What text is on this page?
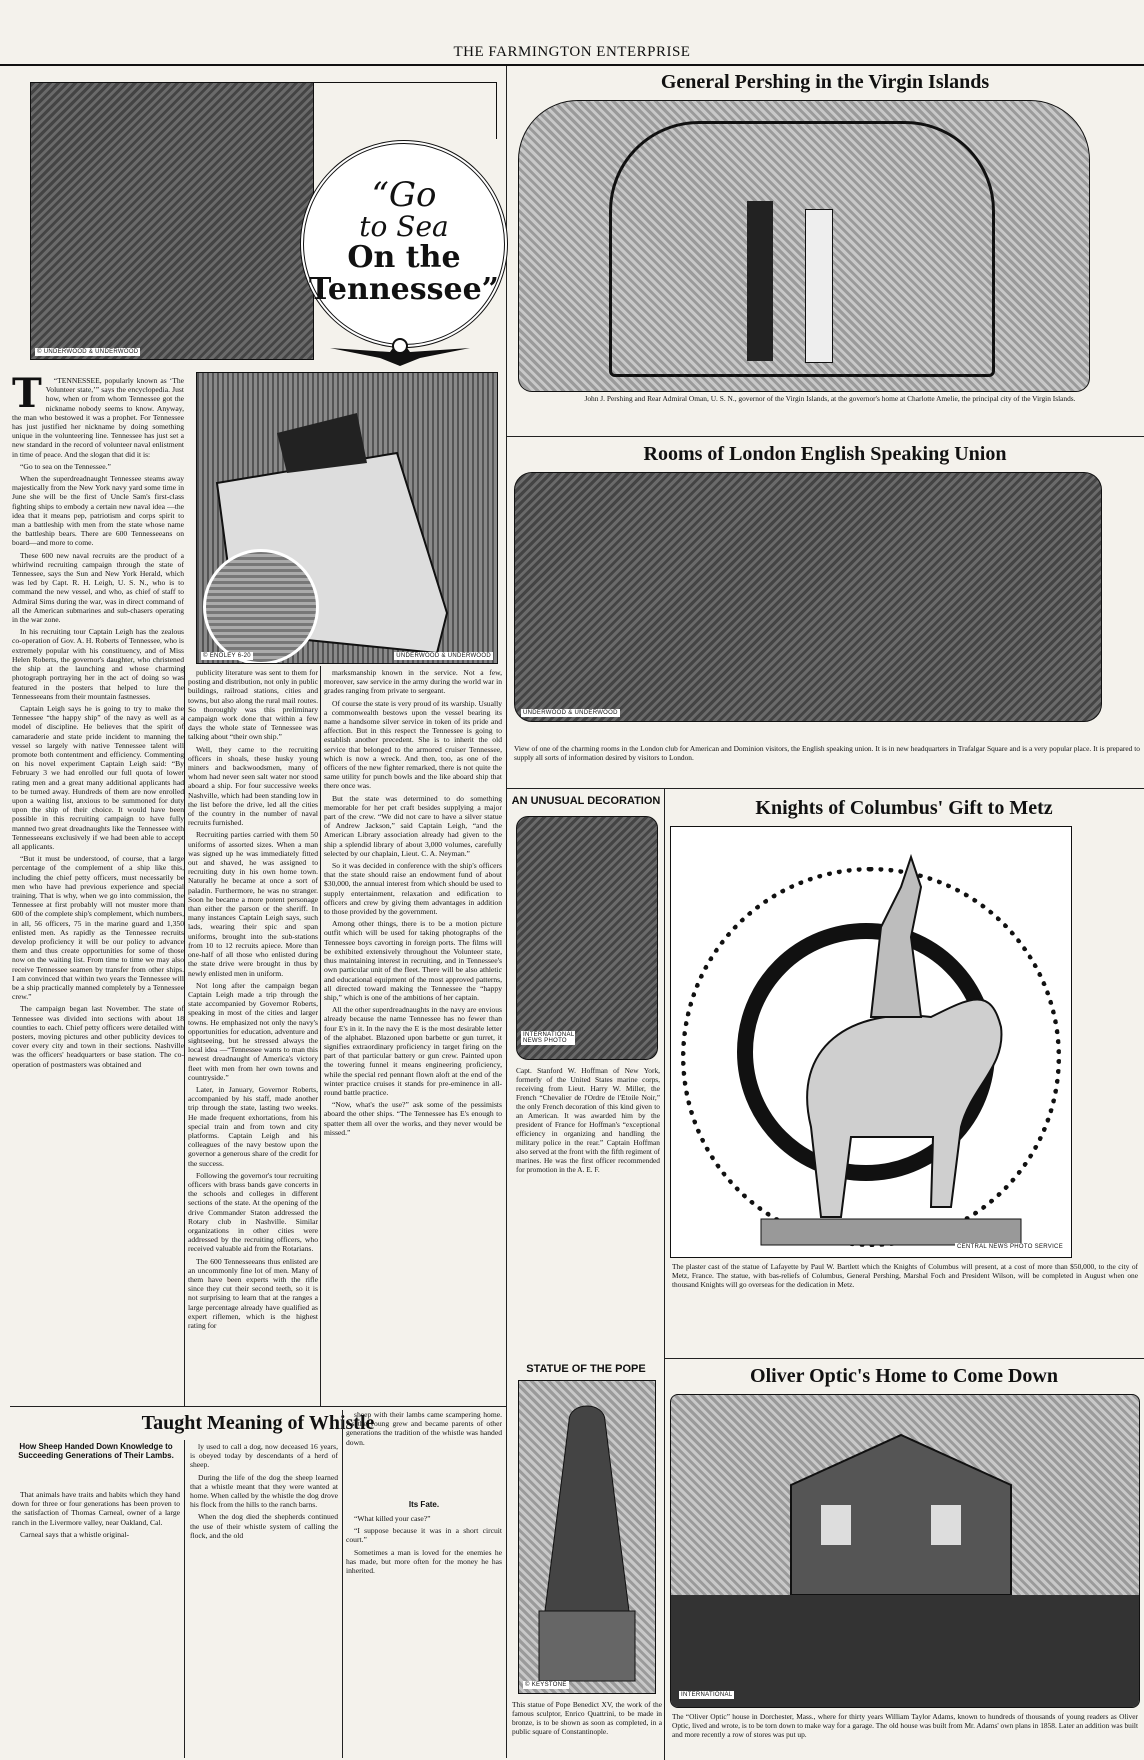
THE FARMINGTON ENTERPRISE
© UNDERWOOD & UNDERWOOD
“Go
to Sea
On the
Tennessee”
© ENOLEY 6-20	UNDERWOOD & UNDERWOOD
T	“TENNESSEE, popularly known as ‘The Volunteer state,’” says the encyclopedia. Just how, when or from whom Tennessee got the nickname nobody seems to know. Anyway, the man who bestowed it was a prophet. For Tennessee has just justified her nickname by doing something unique in the volunteering line. Tennessee has just set a new standard in the record of volunteer naval enlistment in time of peace. And the slogan that did it is:

“Go to sea on the Tennessee.”

When the superdreadnaught Tennessee steams away majestically from the New York navy yard some time in June she will be the first of Uncle Sam's first-class fighting ships to embody a certain new naval idea —the idea that it means pep, patriotism and corps spirit to man a battleship with men from the state whose name the battleship bears. There are 600 Tennesseeans on board—and more to come.

These 600 new naval recruits are the product of a whirlwind recruiting campaign through the state of Tennessee, says the Sun and New York Herald, which was led by Capt. R. H. Leigh, U. S. N., who is to command the new vessel, and who, as chief of staff to Admiral Sims during the war, was in direct command of all the American submarines and sub-chasers operating in the war zone.

In his recruiting tour Captain Leigh has the zealous co-operation of Gov. A. H. Roberts of Tennessee, who is extremely popular with his constituency, and of Miss Helen Roberts, the governor's daughter, who christened the ship at the launching and whose charming photograph portraying her in the act of doing so was featured in the posters that helped to lure the Tennesseeans from their mountain fastnesses.

Captain Leigh says he is going to try to make the Tennessee “the happy ship” of the navy as well as a model of discipline. He believes that the spirit of camaraderie and state pride incident to manning the vessel so largely with native Tennessee talent will promote both contentment and efficiency. Commenting on his novel experiment Captain Leigh said: “By February 3 we had enrolled our full quota of lower rating men and a great many additional applicants had to be turned away. Hundreds of them are now enrolled upon a waiting list, anxious to be summoned for duty upon the ship of their choice. It would have been possible in this recruiting campaign to have fully manned two great dreadnaughts like the Tennessee with Tennesseeans exclusively if we had been able to accept all applicants.

“But it must be understood, of course, that a large percentage of the complement of a ship like this, including the chief petty officers, must necessarily be men who have had previous experience and special training. That is why, when we go into commission, the Tennessee at first probably will not muster more than 600 of the complete ship's complement, which numbers, in all, 56 officers, 75 in the marine guard and 1,350 enlisted men. As rapidly as the Tennessee recruits develop proficiency it will be our policy to advance them and thus create opportunities for some of those now on the waiting list. From time to time we may also receive Tennessee seamen by transfer from other ships. I am convinced that within two years the Tennessee will be a ship practically manned completely by a Tennessee crew.”

The campaign began last November. The state of Tennessee was divided into sections with about 18 counties to each. Chief petty officers were detailed with posters, moving pictures and other publicity devices to cover every city and town in their sections. Nashville was the officers' headquarters or base station. The co-operation of postmasters was obtained and

publicity literature was sent to them for posting and distribution, not only in public buildings, railroad stations, cities and towns, but also along the rural mail routes. So thoroughly was this preliminary campaign work done that within a few days the whole state of Tennessee was talking about “their own ship.”

Well, they came to the recruiting officers in shoals, these husky young miners and backwoodsmen, many of whom had never seen salt water nor stood aboard a ship. For four successive weeks Nashville, which had been standing low in the list before the drive, led all the cities of the country in the number of naval recruits furnished.

Recruiting parties carried with them 50 uniforms of assorted sizes. When a man was signed up he was immediately fitted out and shaved, he was assigned to recruiting duty in his own home town. Naturally he became at once a sort of paladin. Furthermore, he was no stranger. Soon he became a more potent personage than either the parson or the sheriff. In many instances Captain Leigh says, such lads, wearing their spic and span uniforms, brought into the sub-stations from 10 to 12 recruits apiece. More than one-half of all those who enlisted during the state drive were brought in thus by newly enlisted men in uniform.

Not long after the campaign began Captain Leigh made a trip through the state accompanied by Governor Roberts, speaking in most of the cities and larger towns. He emphasized not only the navy's opportunities for education, adventure and sightseeing, but he stressed always the local idea —“Tennessee wants to man this newest dreadnaught of America's victory fleet with men from her own towns and countryside.”

Later, in January, Governor Roberts, accompanied by his staff, made another trip through the state, lasting two weeks. He made frequent exhortations, from his special train and from town and city platforms. Captain Leigh and his colleagues of the navy bestow upon the governor a generous share of the credit for the success.

Following the governor's tour recruiting officers with brass bands gave concerts in the schools and colleges in different sections of the state. At the opening of the drive Commander Staton addressed the Rotary club in Nashville. Similar organizations in other cities were addressed by the recruiting officers, who received valuable aid from the Rotarians.

The 600 Tennesseeans thus enlisted are an uncommonly fine lot of men. Many of them have been experts with the rifle since they cut their second teeth, so it is not surprising to learn that at the ranges a large percentage already have qualified as expert riflemen, which is the highest rating for

marksmanship known in the service. Not a few, moreover, saw service in the army during the world war in grades ranging from private to sergeant.

Of course the state is very proud of its warship. Usually a commonwealth bestows upon the vessel bearing its name a handsome silver service in token of its pride and affection. But in this respect the Tennessee is going to establish another precedent. She is to inherit the old service that belonged to the armored cruiser Tennessee, which is now a wreck. And then, too, as one of the officers of the new fighter remarked, there is not quite the same utility for punch bowls and the like aboard ship that there once was.

But the state was determined to do something memorable for her pet craft besides supplying a major part of the crew. “We did not care to have a silver statue of Andrew Jackson,” said Captain Leigh, “and the American Library association already had given to the ship a splendid library of about 3,000 volumes, carefully selected by our chaplain, Lieut. C. A. Neyman.”

So it was decided in conference with the ship's officers that the state should raise an endowment fund of about $30,000, the annual interest from which should be used to supply entertainment, relaxation and edification to officers and crew by giving them advantages in addition to those provided by the government.

Among other things, there is to be a motion picture outfit which will be used for taking photographs of the Tennessee boys cavorting in foreign ports. The films will be exhibited extensively throughout the Volunteer state, thus maintaining interest in recruiting, and in Tennessee's own particular unit of the fleet. There will be also athletic and educational equipment of the most approved patterns, all directed toward making the Tennessee the “happy ship,” which is one of the ambitions of her captain.

All the other superdreadnaughts in the navy are envious already because the name Tennessee has no fewer than four E's in it. In the navy the E is the most desirable letter of the alphabet. Blazoned upon barbette or gun turret, it signifies extraordinary proficiency in target firing on the part of that particular battery or gun crew. Painted upon the towering funnel it means engineering proficiency, while the special red pennant flown aloft at the end of the winter practice cruises it stands for pre-eminence in all-round battle practice.

“Now, what's the use?” ask some of the pessimists aboard the other ships. “The Tennessee has E's enough to spatter them all over the works, and they never would be missed.”

General Pershing in the Virgin Islands
John J. Pershing and Rear Admiral Oman, U. S. N., governor of the Virgin Islands, at the governor's home at Charlotte Amelie, the principal city of the Virgin Islands.
Rooms of London English Speaking Union
UNDERWOOD & UNDERWOOD
View of one of the charming rooms in the London club for American and Dominion visitors, the English speaking union. It is in new headquarters in Trafalgar Square and is a very popular place. It is prepared to supply all sorts of information desired by visitors to London.
AN UNUSUAL DECORATION
INTERNATIONAL NEWS PHOTO
Capt. Stanford W. Hoffman of New York, formerly of the United States marine corps, receiving from Lieut. Harry W. Miller, the French “Chevalier de l'Ordre de l'Etoile Noir,” the only French decoration of this kind given to an American. It was awarded him by the president of France for Hoffman's “exceptional efficiency in organizing and handling the military police in the rear.” Captain Hoffman also served at the front with the fifth regiment of marines. He was the first officer recommended for promotion in the A. E. F.
Knights of Columbus' Gift to Metz
CENTRAL NEWS PHOTO SERVICE
The plaster cast of the statue of Lafayette by Paul W. Bartlett which the Knights of Columbus will present, at a cost of more than $50,000, to the city of Metz, France. The statue, with bas-reliefs of Columbus, General Pershing, Marshal Foch and President Wilson, will be completed in August when one thousand Knights will go overseas for the dedication in Metz.
STATUE OF THE POPE
© KEYSTONE
This statue of Pope Benedict XV, the work of the famous sculptor, Enrico Quattrini, to be made in bronze, is to be shown as soon as completed, in a public square of Constantinople.
Oliver Optic's Home to Come Down
INTERNATIONAL
The “Oliver Optic” house in Dorchester, Mass., where for thirty years William Taylor Adams, known to hundreds of thousands of young readers as Oliver Optic, lived and wrote, is to be torn down to make way for a garage. The old house was built from Mr. Adams' own plans in 1858. Later an addition was built and more recently a row of stores was put up.
Taught Meaning of Whistle
How Sheep Handed Down Knowledge to Succeeding Generations of Their Lambs.

That animals have traits and habits which they hand down for three or four generations has been proven to the satisfaction of Thomas Carneal, owner of a large ranch in the Livermore valley, near Oakland, Cal.

Carneal says that a whistle original-

ly used to call a dog, now deceased 16 years, is obeyed today by descendants of a herd of sheep.

During the life of the dog the sheep learned that a whistle meant that they were wanted at home. When called by the whistle the dog drove his flock from the hills to the ranch barns.

When the dog died the shepherds continued the use of their whistle system of calling the flock, and the old

sheep with their lambs came scampering home. As the young grew and became parents of other generations the tradition of the whistle was handed down.

Its Fate.

“What killed your case?”

“I suppose because it was in a short circuit court.”

Sometimes a man is loved for the enemies he has made, but more often for the money he has inherited.
